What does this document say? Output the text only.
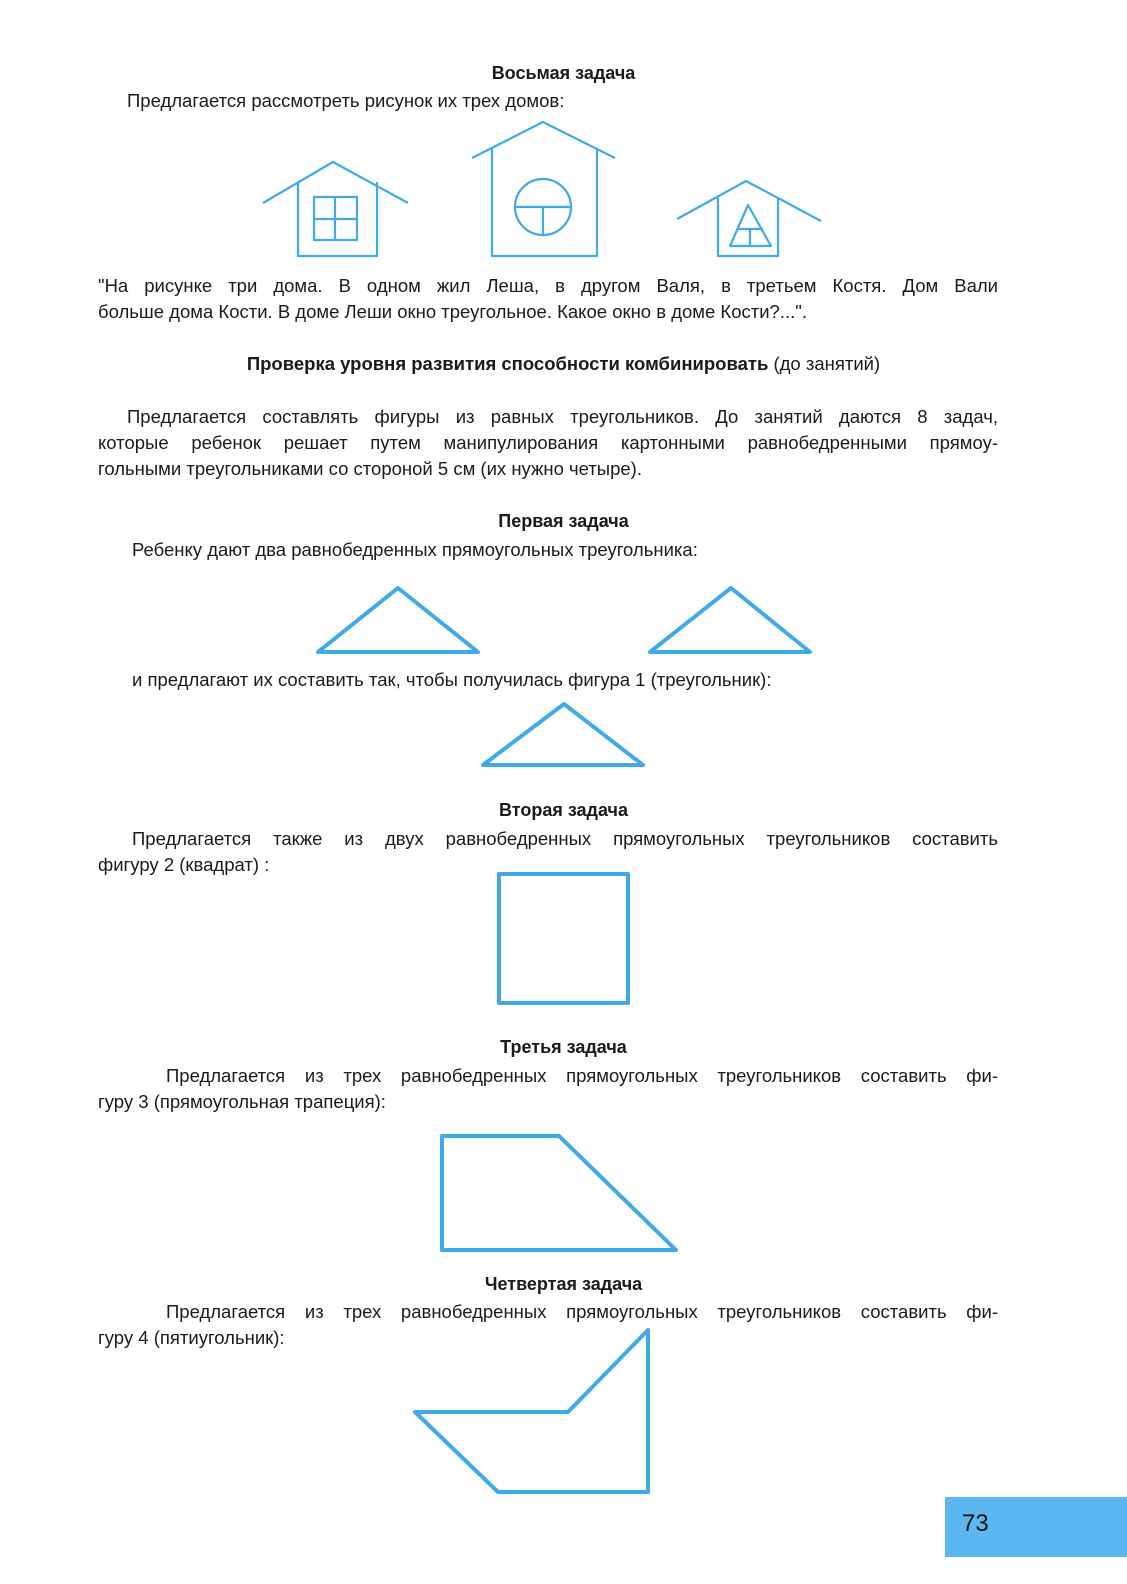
Восьмая задача
Предлагается рассмотреть рисунок их трех домов:
"На рисунке три дома. В одном жил Леша, в другом Валя, в третьем Костя. Дом Вали
больше дома Кости. В доме Леши окно треугольное. Какое окно в доме Кости?...".
Проверка уровня развития способности комбинировать (до занятий)
Предлагается составлять фигуры из равных треугольников. До занятий даются 8 задач,
которые ребенок решает путем манипулирования картонными равнобедренными прямоу-
гольными треугольниками со стороной 5 см (их нужно четыре).
Первая задача
Ребенку дают два равнобедренных прямоугольных треугольника:
и предлагают их составить так, чтобы получилась фигура 1 (треугольник):
Вторая задача
Предлагается также из двух равнобедренных прямоугольных треугольников составить
фигуру 2 (квадрат) :
Третья задача
Предлагается из трех равнобедренных прямоугольных треугольников составить фи-
гуру 3 (прямоугольная трапеция):
Четвертая задача
Предлагается из трех равнобедренных прямоугольных треугольников составить фи-
гуру 4 (пятиугольник):
73
